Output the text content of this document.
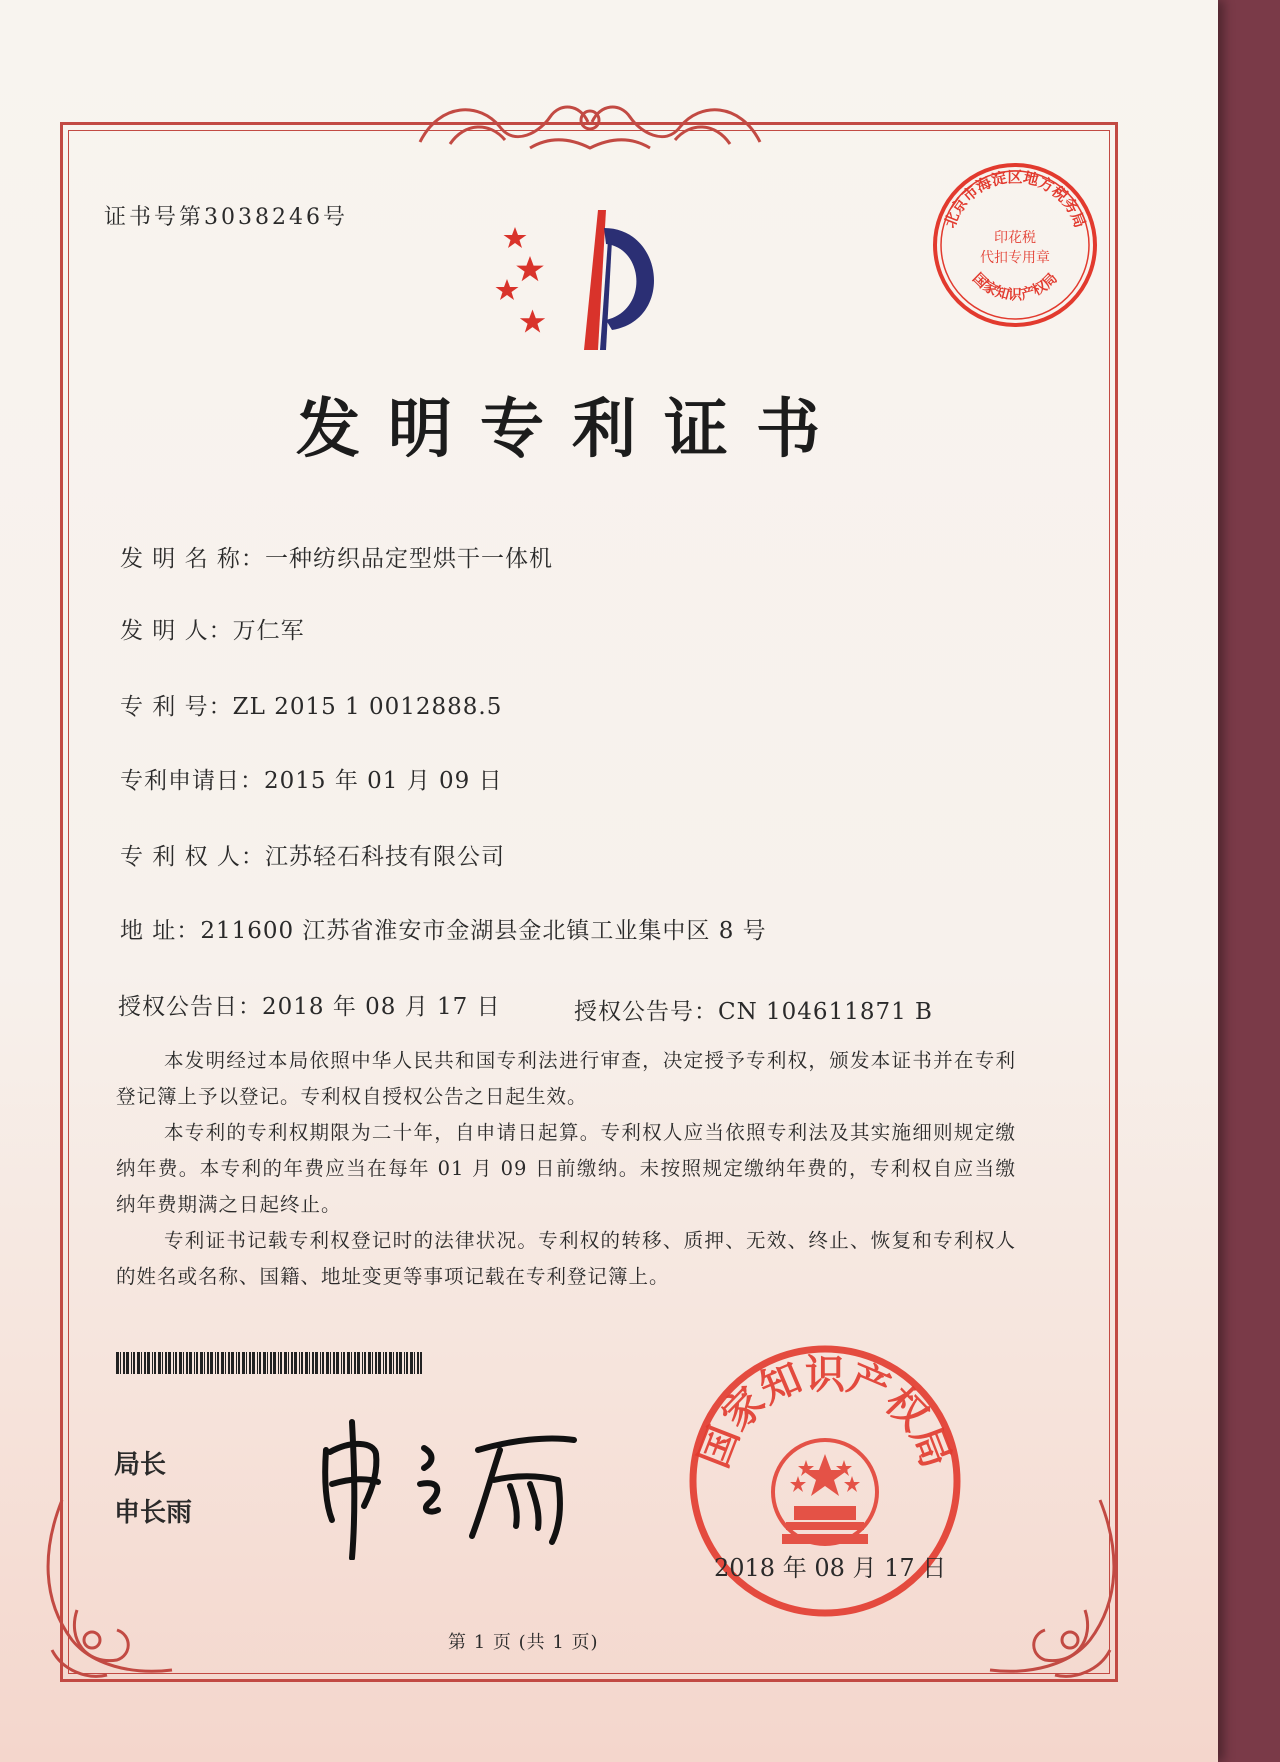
证书号第3038246号	北京市海淀区地方税务局
印花税
代扣专用章
国家知识产权局
发明专利证书
发 明 名 称：一种纺织品定型烘干一体机
发 明 人：万仁军
专 利 号：ZL 2015 1 0012888.5
专利申请日：2015 年 01 月 09 日
专 利 权 人：江苏轻石科技有限公司
地 址：211600 江苏省淮安市金湖县金北镇工业集中区 8 号
授权公告日：2018 年 08 月 17 日	授权公告号：CN 104611871 B
本发明经过本局依照中华人民共和国专利法进行审查，决定授予专利权，颁发本证书并在专利登记簿上予以登记。专利权自授权公告之日起生效。
本专利的专利权期限为二十年，自申请日起算。专利权人应当依照专利法及其实施细则规定缴纳年费。本专利的年费应当在每年 01 月 09 日前缴纳。未按照规定缴纳年费的，专利权自应当缴纳年费期满之日起终止。
专利证书记载专利权登记时的法律状况。专利权的转移、质押、无效、终止、恢复和专利权人的姓名或名称、国籍、地址变更等事项记载在专利登记簿上。
局长
申长雨
国家知识产权局
2018 年 08 月 17 日
第 1 页 (共 1 页)
